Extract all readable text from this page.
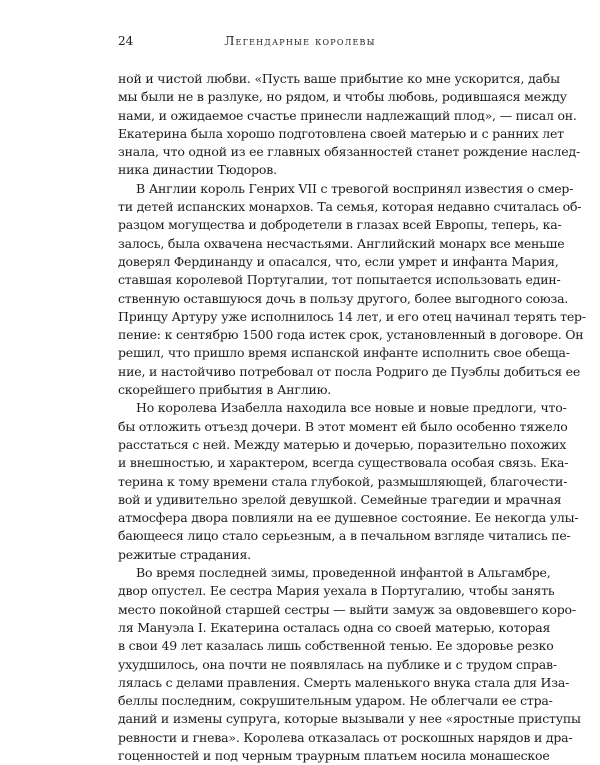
24	Легендарные королевы
ной и чистой любви. «Пусть ваше прибытие ко мне ускорится, дабы
мы были не в разлуке, но рядом, и чтобы любовь, родившаяся между
нами, и ожидаемое счастье принесли надлежащий плод», — писал он.
Екатерина была хорошо подготовлена своей матерью и с ранних лет
знала, что одной из ее главных обязанностей станет рождение наслед-
ника династии Тюдоров.
В Англии король Генрих VII с тревогой воспринял известия о смер-
ти детей испанских монархов. Та семья, которая недавно считалась об-
разцом могущества и добродетели в глазах всей Европы, теперь, ка-
залось, была охвачена несчастьями. Английский монарх все меньше
доверял Фердинанду и опасался, что, если умрет и инфанта Мария,
ставшая королевой Португалии, тот попытается использовать един-
ственную оставшуюся дочь в пользу другого, более выгодного союза.
Принцу Артуру уже исполнилось 14 лет, и его отец начинал терять тер-
пение: к сентябрю 1500 года истек срок, установленный в договоре. Он
решил, что пришло время испанской инфанте исполнить свое обеща-
ние, и настойчиво потребовал от посла Родриго де Пуэблы добиться ее
скорейшего прибытия в Англию.
Но королева Изабелла находила все новые и новые предлоги, что-
бы отложить отъезд дочери. В этот момент ей было особенно тяжело
расстаться с ней. Между матерью и дочерью, поразительно похожих
и внешностью, и характером, всегда существовала особая связь. Ека-
терина к тому времени стала глубокой, размышляющей, благочести-
вой и удивительно зрелой девушкой. Семейные трагедии и мрачная
атмосфера двора повлияли на ее душевное состояние. Ее некогда улы-
бающееся лицо стало серьезным, а в печальном взгляде читались пе-
режитые страдания.
Во время последней зимы, проведенной инфантой в Альгамбре,
двор опустел. Ее сестра Мария уехала в Португалию, чтобы занять
место покойной старшей сестры — выйти замуж за овдовевшего коро-
ля Мануэла I. Екатерина осталась одна со своей матерью, которая
в свои 49 лет казалась лишь собственной тенью. Ее здоровье резко
ухудшилось, она почти не появлялась на публике и с трудом справ-
лялась с делами правления. Смерть маленького внука стала для Иза-
беллы последним, сокрушительным ударом. Не облегчали ее стра-
даний и измены супруга, которые вызывали у нее «яростные приступы
ревности и гнева». Королева отказалась от роскошных нарядов и дра-
гоценностей и под черным траурным платьем носила монашеское
